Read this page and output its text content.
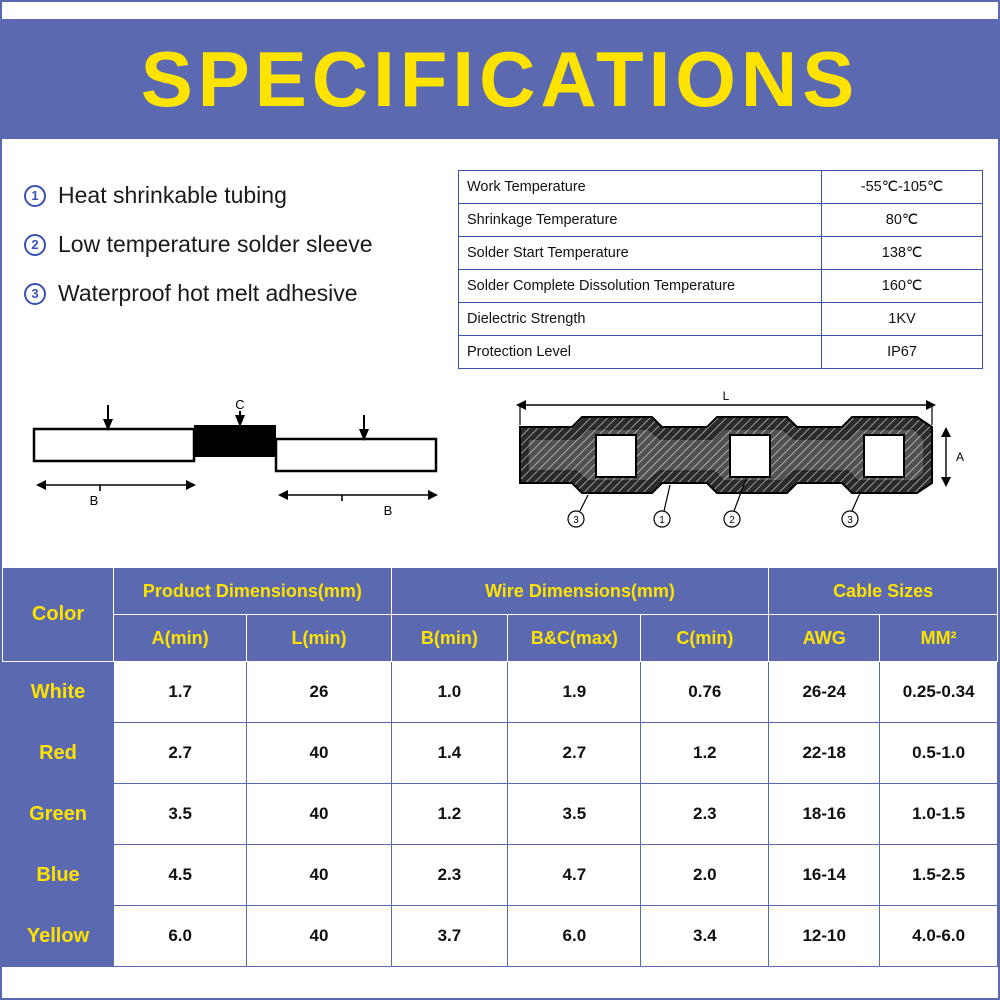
SPECIFICATIONS
1 Heat shrinkable tubing
2 Low temperature solder sleeve
3 Waterproof hot melt adhesive
Work Temperature	-55℃-105℃
Shrinkage Temperature	80℃
Solder Start Temperature	138℃
Solder Complete Dissolution Temperature	160℃
Dielectric Strength	1KV
Protection Level	IP67
C
B
B
L
A
3	1	2	3
Color	Product Dimensions(mm)		Wire Dimensions(mm)			Cable Sizes	
	A(min)	L(min)	B(min)	B&C(max)	C(min)	AWG	MM²
White	1.7	26	1.0	1.9	0.76	26-24	0.25-0.34
Red	2.7	40	1.4	2.7	1.2	22-18	0.5-1.0
Green	3.5	40	1.2	3.5	2.3	18-16	1.0-1.5
Blue	4.5	40	2.3	4.7	2.0	16-14	1.5-2.5
Yellow	6.0	40	3.7	6.0	3.4	12-10	4.0-6.0
